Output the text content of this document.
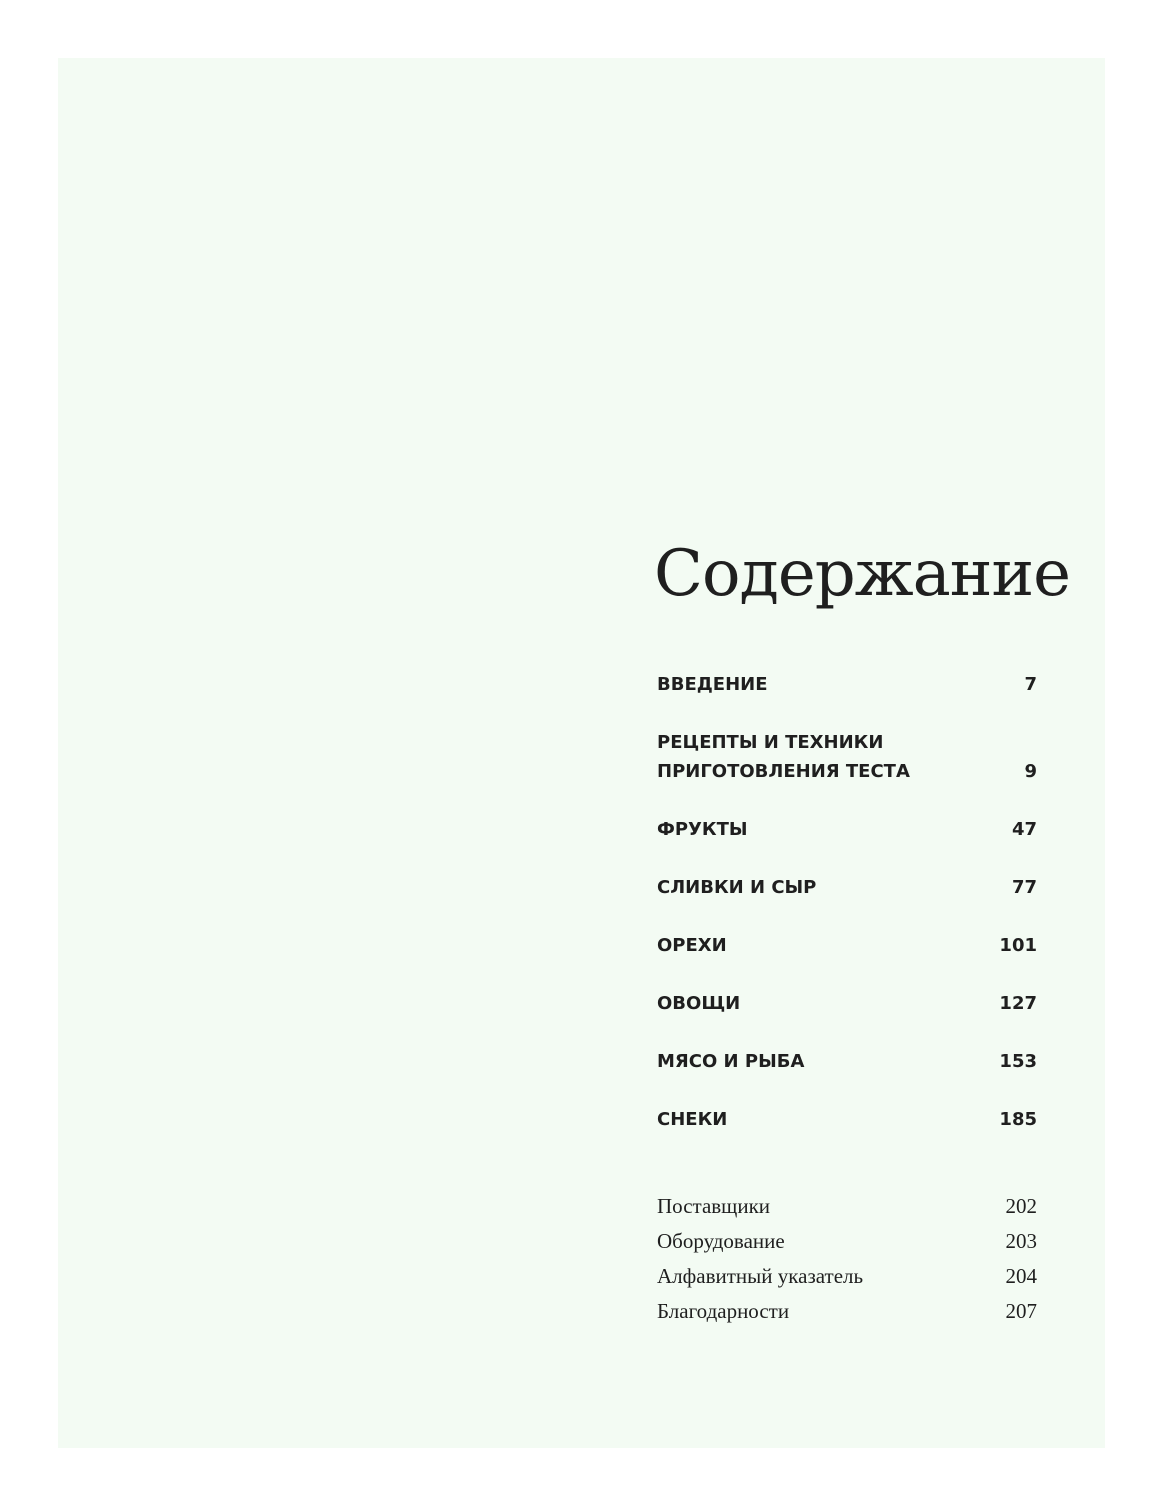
Содержание
ВВЕДЕНИЕ	7
РЕЦЕПТЫ И ТЕХНИКИ
ПРИГОТОВЛЕНИЯ ТЕСТА	9
ФРУКТЫ	47
СЛИВКИ И СЫР	77
ОРЕХИ	101
ОВОЩИ	127
МЯСО И РЫБА	153
СНЕКИ	185
Поставщики	202
Оборудование	203
Алфавитный указатель	204
Благодарности	207
